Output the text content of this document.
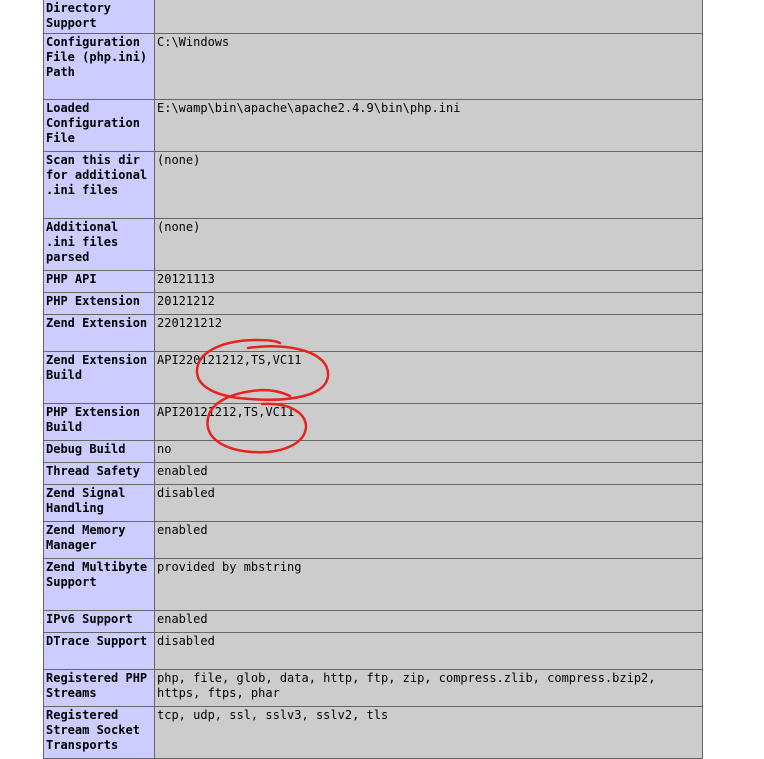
Directory Support	
Configuration File (php.ini) Path	C:\Windows
Loaded Configuration File	E:\wamp\bin\apache\apache2.4.9\bin\php.ini
Scan this dir for additional .ini files	(none)
Additional .ini files parsed	(none)
PHP API	20121113
PHP Extension	20121212
Zend Extension	220121212
Zend Extension Build	API220121212,TS,VC11
PHP Extension Build	API20121212,TS,VC11
Debug Build	no
Thread Safety	enabled
Zend Signal Handling	disabled
Zend Memory Manager	enabled
Zend Multibyte Support	provided by mbstring
IPv6 Support	enabled
DTrace Support	disabled
Registered PHP Streams	php, file, glob, data, http, ftp, zip, compress.zlib, compress.bzip2, https, ftps, phar
Registered Stream Socket Transports	tcp, udp, ssl, sslv3, sslv2, tls
